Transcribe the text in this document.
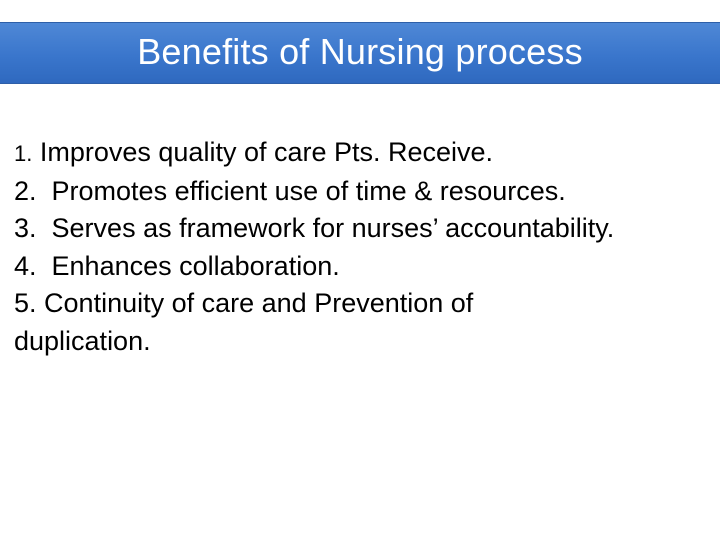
Benefits of Nursing process
1. Improves quality of care Pts. Receive.
2.  Promotes efficient use of time & resources.
3.  Serves as framework for nurses’ accountability.
4.  Enhances collaboration.
5. Continuity of care and Prevention of duplication.
